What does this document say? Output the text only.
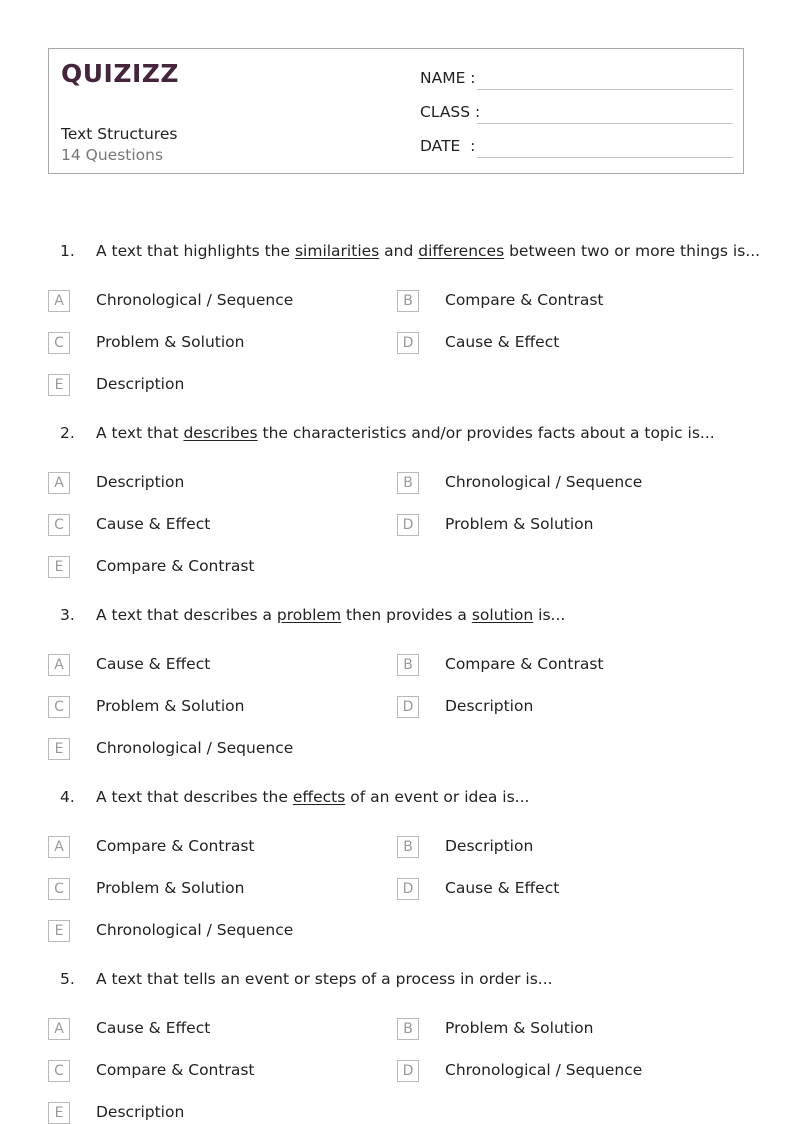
QUIZIZZ
Text Structures
14 Questions
NAME :
CLASS :
DATE  :
1. A text that highlights the similarities and differences between two or more things is...
A	Chronological / Sequence	B	Compare & Contrast
C	Problem & Solution	D	Cause & Effect
E	Description
2. A text that describes the characteristics and/or provides facts about a topic is...
A	Description	B	Chronological / Sequence
C	Cause & Effect	D	Problem & Solution
E	Compare & Contrast
3. A text that describes a problem then provides a solution is...
A	Cause & Effect	B	Compare & Contrast
C	Problem & Solution	D	Description
E	Chronological / Sequence
4. A text that describes the effects of an event or idea is...
A	Compare & Contrast	B	Description
C	Problem & Solution	D	Cause & Effect
E	Chronological / Sequence
5. A text that tells an event or steps of a process in order is...
A	Cause & Effect	B	Problem & Solution
C	Compare & Contrast	D	Chronological / Sequence
E	Description
